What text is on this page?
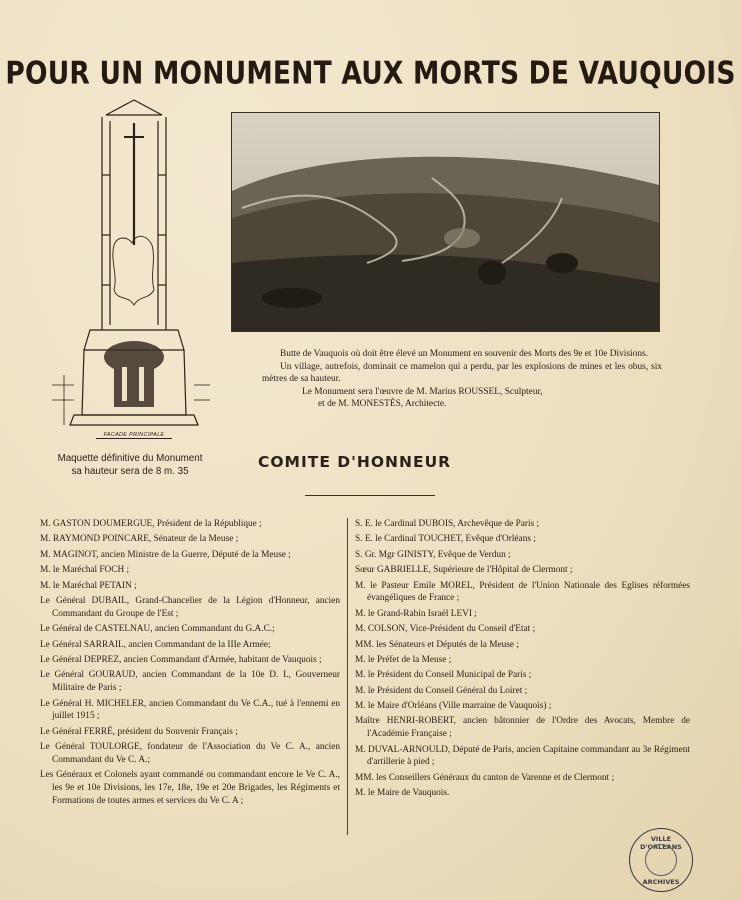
POUR UN MONUMENT AUX MORTS DE VAUQUOIS
FACADE PRINCIPALE
Maquette définitive du Monument
sa hauteur sera de 8 m. 35

Butte de Vauquois où doit être élevé un Monument en souvenir des Morts des 9e et 10e Divisions.

Un village, autrefois, dominait ce mamelon qui a perdu, par les explosions de mines et les obus, six mètres de sa hauteur.

Le Monument sera l'œuvre de M. Marius ROUSSEL, Sculpteur,

et de M. MONESTÈS, Architecte.

COMITE D'HONNEUR
M. GASTON DOUMERGUE, Président de la République ;
M. RAYMOND POINCARE, Sénateur de la Meuse ;
M. MAGINOT, ancien Ministre de la Guerre, Député de la Meuse ;
M. le Maréchal FOCH ;
M. le Maréchal PETAIN ;
Le Général DUBAIL, Grand-Chancelier de la Légion d'Honneur, ancien Commandant du Groupe de l'Est ;
Le Général de CASTELNAU, ancien Commandant du G.A.C.;
Le Général SARRAIL, ancien Commandant de la IIIe Armée;
Le Général DEPREZ, ancien Commandant d'Armée, habitant de Vauquois ;
Le Général GOURAUD, ancien Commandant de la 10e D. I., Gouverneur Militaire de Paris ;
Le Général H. MICHELER, ancien Commandant du Ve C.A., tué à l'ennemi en juillet 1915 ;
Le Général FERRÉ, président du Souvenir Français ;
Le Général TOULORGE, fondateur de l'Association du Ve C. A., ancien Commandant du Ve C. A.;
Les Généraux et Colonels ayant commandé ou commandant encore le Ve C. A., les 9e et 10e Divisions, les 17e, 18e, 19e et 20e Brigades, les Régiments et Formations de toutes armes et services du Ve C. A ;
S. E. le Cardinal DUBOIS, Archevêque de Paris ;
S. E. le Cardinal TOUCHET, Evêque d'Orléans ;
S. Gr. Mgr GINISTY, Evêque de Verdun ;
Sœur GABRIELLE, Supérieure de l'Hôpital de Clermont ;
M. le Pasteur Emile MOREL, Président de l'Union Nationale des Eglises réformées évangéliques de France ;
M. le Grand-Rabin Israël LEVI ;
M. COLSON, Vice-Président du Conseil d'Etat ;
MM. les Sénateurs et Députés de la Meuse ;
M. le Préfet de la Meuse ;
M. le Président du Conseil Municipal de Paris ;
M. le Président du Conseil Général du Loiret ;
M. le Maire d'Orléans (Ville marraine de Vauquois) ;
Maître HENRI-ROBERT, ancien bâtonnier de l'Ordre des Avocats, Membre de l'Académie Française ;
M. DUVAL-ARNOULD, Député de Paris, ancien Capitaine commandant au 3e Régiment d'artillerie à pied ;
MM. les Conseillers Généraux du canton de Varenne et de Clermont ;
M. le Maire de Vauquois.
VILLE D'ORLEANS
ARCHIVES
